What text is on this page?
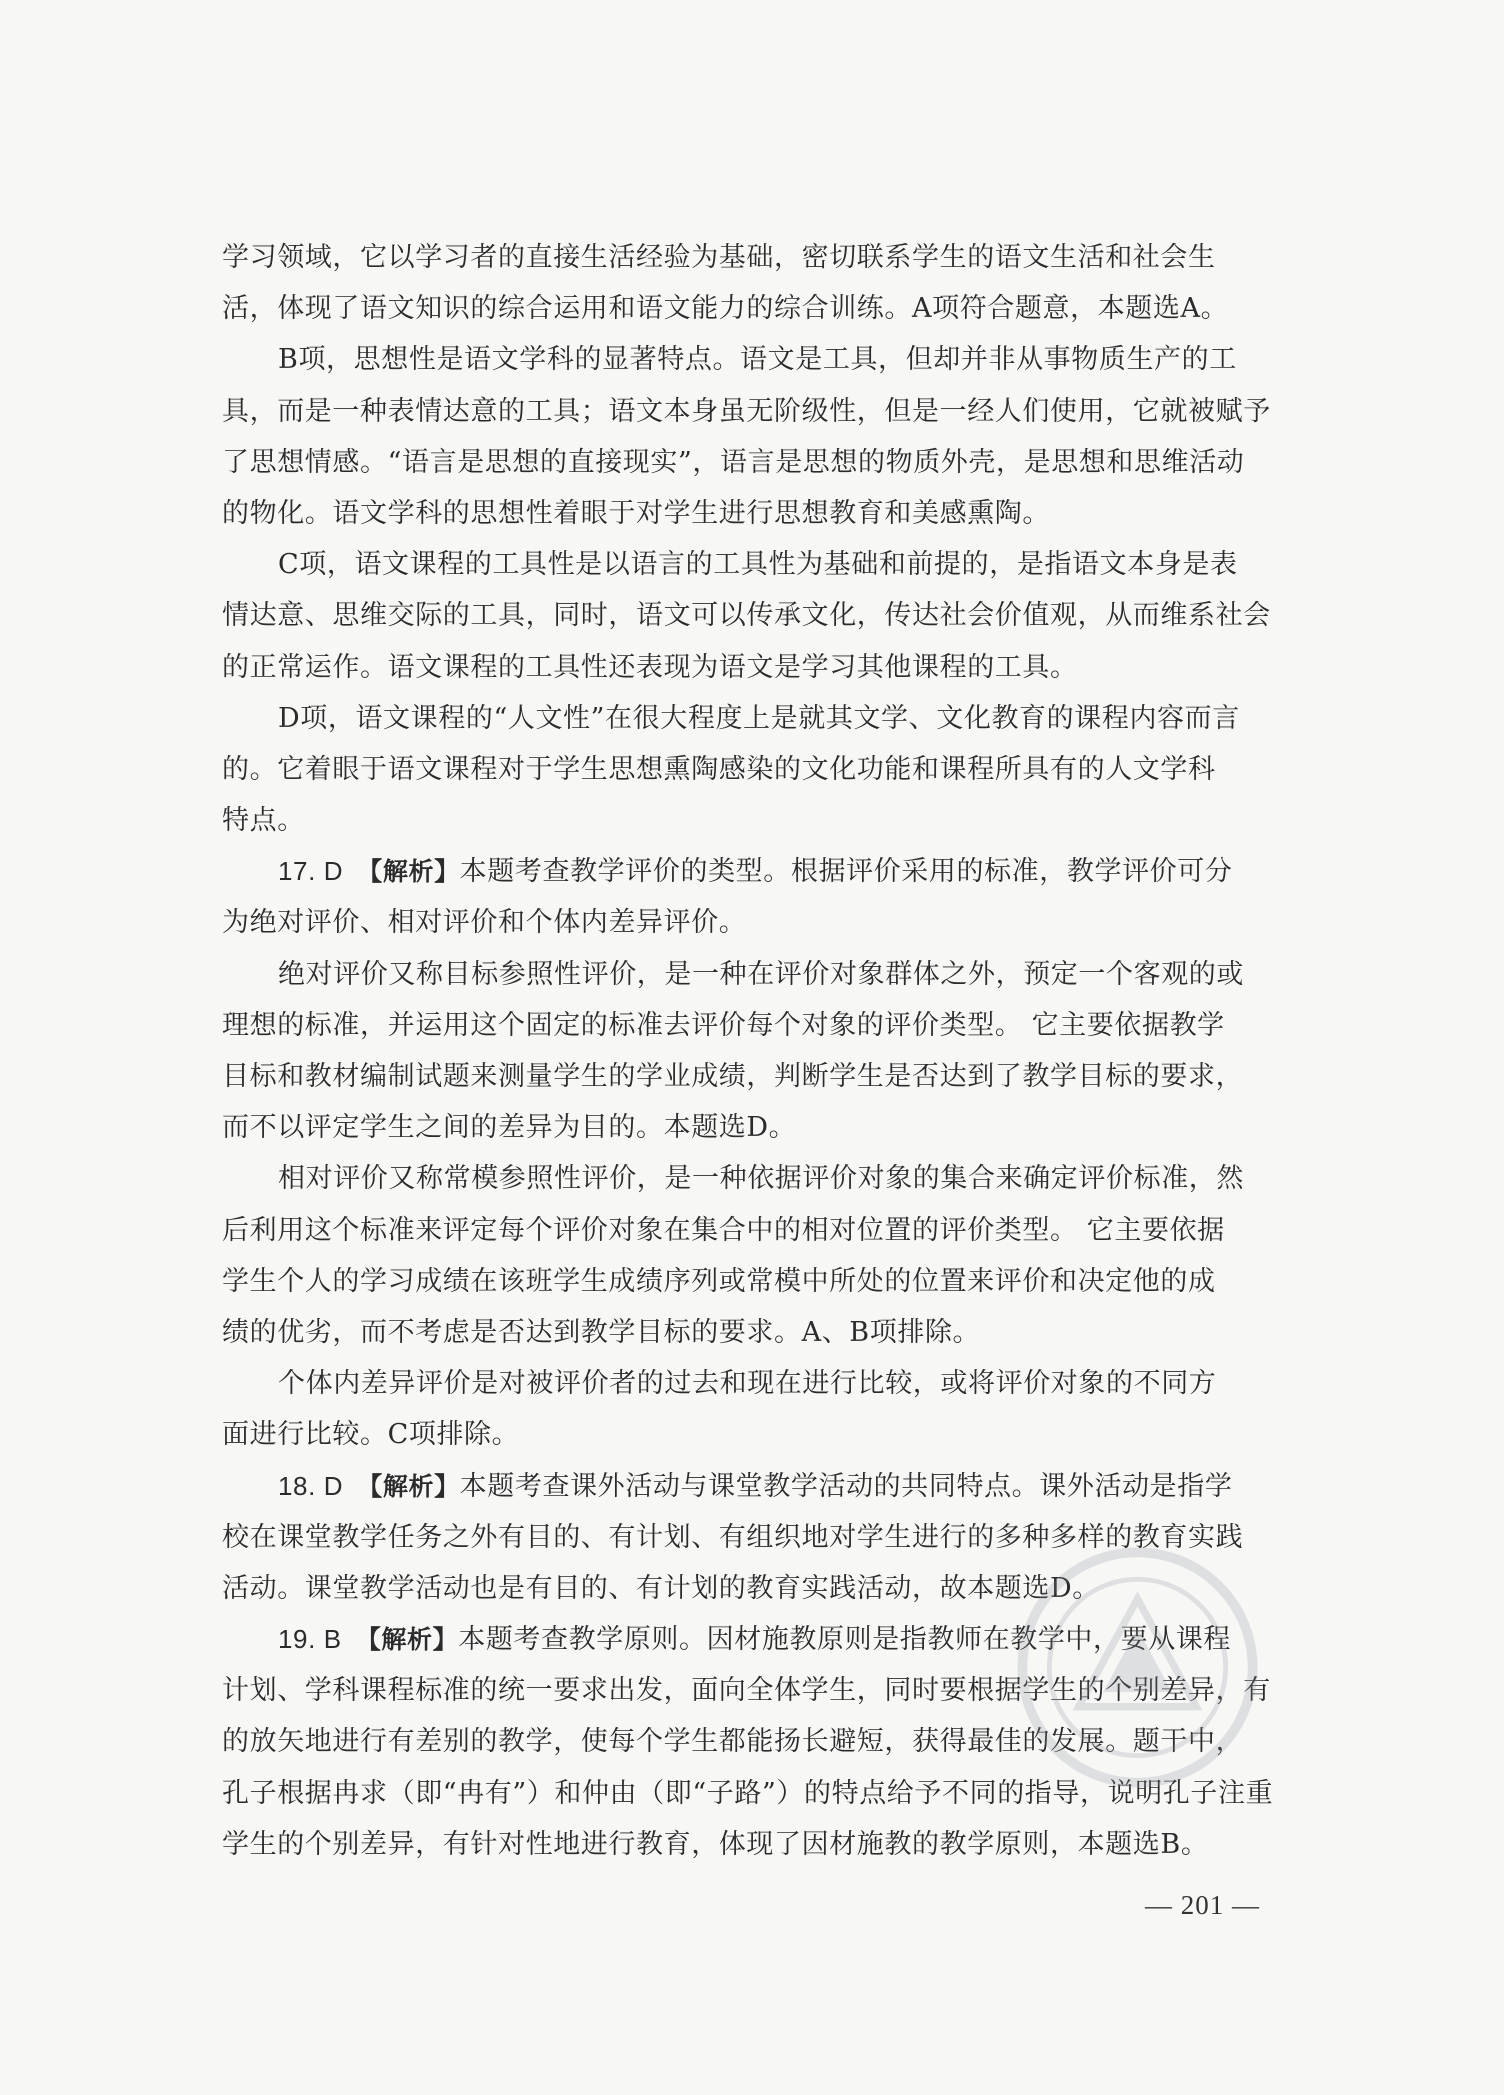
学习领域，它以学习者的直接生活经验为基础，密切联系学生的语文生活和社会生
活，体现了语文知识的综合运用和语文能力的综合训练。A项符合题意，本题选A。
B项，思想性是语文学科的显著特点。语文是工具，但却并非从事物质生产的工
具，而是一种表情达意的工具；语文本身虽无阶级性，但是一经人们使用，它就被赋予
了思想情感。“语言是思想的直接现实”，语言是思想的物质外壳，是思想和思维活动
的物化。语文学科的思想性着眼于对学生进行思想教育和美感熏陶。
C项，语文课程的工具性是以语言的工具性为基础和前提的，是指语文本身是表
情达意、思维交际的工具，同时，语文可以传承文化，传达社会价值观，从而维系社会
的正常运作。语文课程的工具性还表现为语文是学习其他课程的工具。
D项，语文课程的“人文性”在很大程度上是就其文学、文化教育的课程内容而言
的。它着眼于语文课程对于学生思想熏陶感染的文化功能和课程所具有的人文学科
特点。
17. D  【解析】本题考查教学评价的类型。根据评价采用的标准，教学评价可分
为绝对评价、相对评价和个体内差异评价。
绝对评价又称目标参照性评价，是一种在评价对象群体之外，预定一个客观的或
理想的标准，并运用这个固定的标准去评价每个对象的评价类型。 它主要依据教学
目标和教材编制试题来测量学生的学业成绩，判断学生是否达到了教学目标的要求，
而不以评定学生之间的差异为目的。本题选D。
相对评价又称常模参照性评价，是一种依据评价对象的集合来确定评价标准，然
后利用这个标准来评定每个评价对象在集合中的相对位置的评价类型。 它主要依据
学生个人的学习成绩在该班学生成绩序列或常模中所处的位置来评价和决定他的成
绩的优劣，而不考虑是否达到教学目标的要求。A、B项排除。
个体内差异评价是对被评价者的过去和现在进行比较，或将评价对象的不同方
面进行比较。C项排除。
18. D  【解析】本题考查课外活动与课堂教学活动的共同特点。课外活动是指学
校在课堂教学任务之外有目的、有计划、有组织地对学生进行的多种多样的教育实践
活动。课堂教学活动也是有目的、有计划的教育实践活动，故本题选D。
19. B  【解析】本题考查教学原则。因材施教原则是指教师在教学中，要从课程
计划、学科课程标准的统一要求出发，面向全体学生，同时要根据学生的个别差异，有
的放矢地进行有差别的教学，使每个学生都能扬长避短，获得最佳的发展。题干中，
孔子根据冉求（即“冉有”）和仲由（即“子路”）的特点给予不同的指导，说明孔子注重
学生的个别差异，有针对性地进行教育，体现了因材施教的教学原则，本题选B。
— 201 —
